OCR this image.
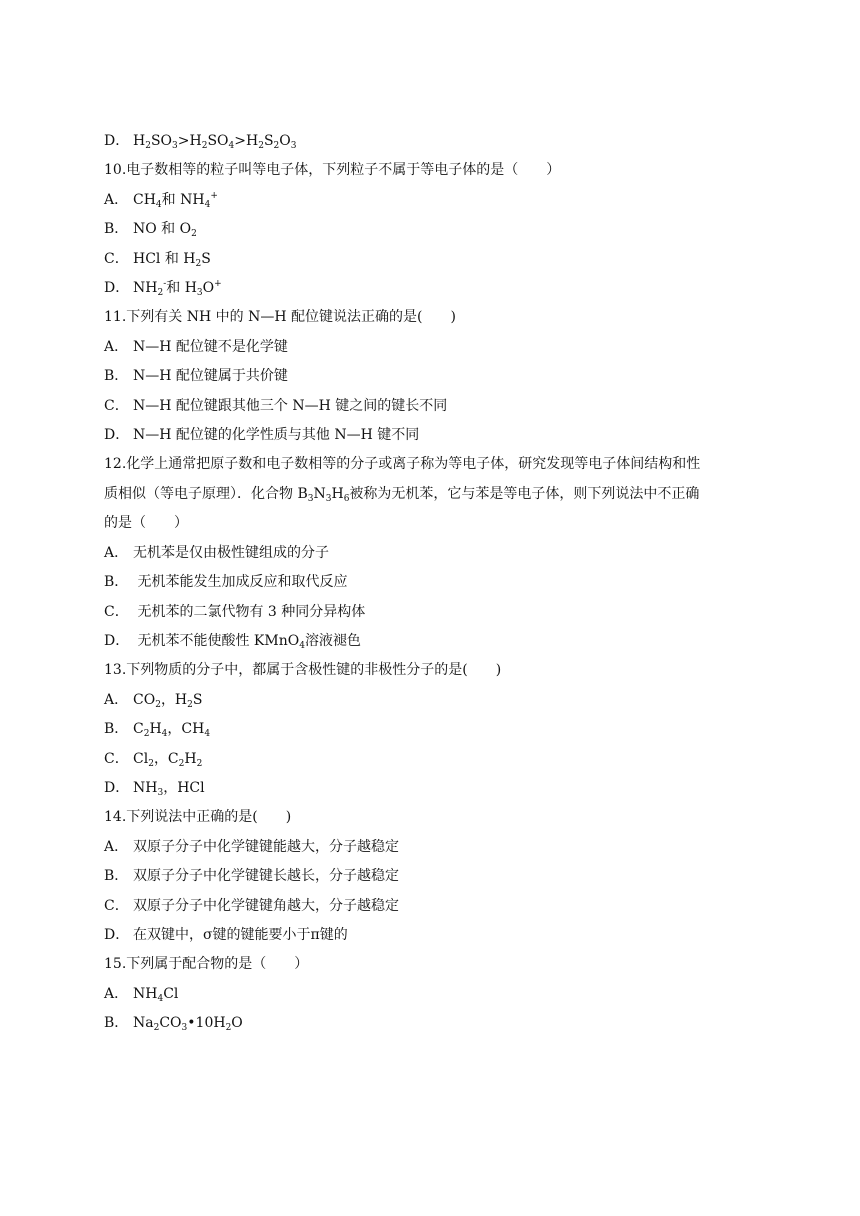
D． $H_2SO_3>H_2SO_4>H_2S_2O_3$
10.电子数相等的粒子叫等电子体，下列粒子不属于等电子体的是（　　）
A． $CH_4$和 $NH_4^+$
B． NO 和 $O_2$
C． HCl 和 $H_2S$
D． $NH_2^-$和 $H_3O^+$
11.下列有关 NH 中的 N—H 配位键说法正确的是(　　)
A． N—H 配位键不是化学键
B． N—H 配位键属于共价键
C． N—H 配位键跟其他三个 N—H 键之间的键长不同
D． N—H 配位键的化学性质与其他 N—H 键不同
12.化学上通常把原子数和电子数相等的分子或离子称为等电子体，研究发现等电子体间结构和性
质相似（等电子原理）．化合物 $B_3N_3H_6$被称为无机苯，它与苯是等电子体，则下列说法中不正确
的是（　　）
A． 无机苯是仅由极性键组成的分子
B． 无机苯能发生加成反应和取代反应
C． 无机苯的二氯代物有 3 种同分异构体
D． 无机苯不能使酸性 KMnO$_4$溶液褪色
13.下列物质的分子中，都属于含极性键的非极性分子的是(　　)
A． $CO_2$，$H_2S$
B． $C_2H_4$，$CH_4$
C． $Cl_2$，$C_2H_2$
D． $NH_3$，HCl
14.下列说法中正确的是(　　)
A． 双原子分子中化学键键能越大，分子越稳定
B． 双原子分子中化学键键长越长，分子越稳定
C． 双原子分子中化学键键角越大，分子越稳定
D． 在双键中，σ键的键能要小于π键的
15.下列属于配合物的是（　　）
A． $NH_4Cl$
B． $Na_2CO_3•10H_2O$
